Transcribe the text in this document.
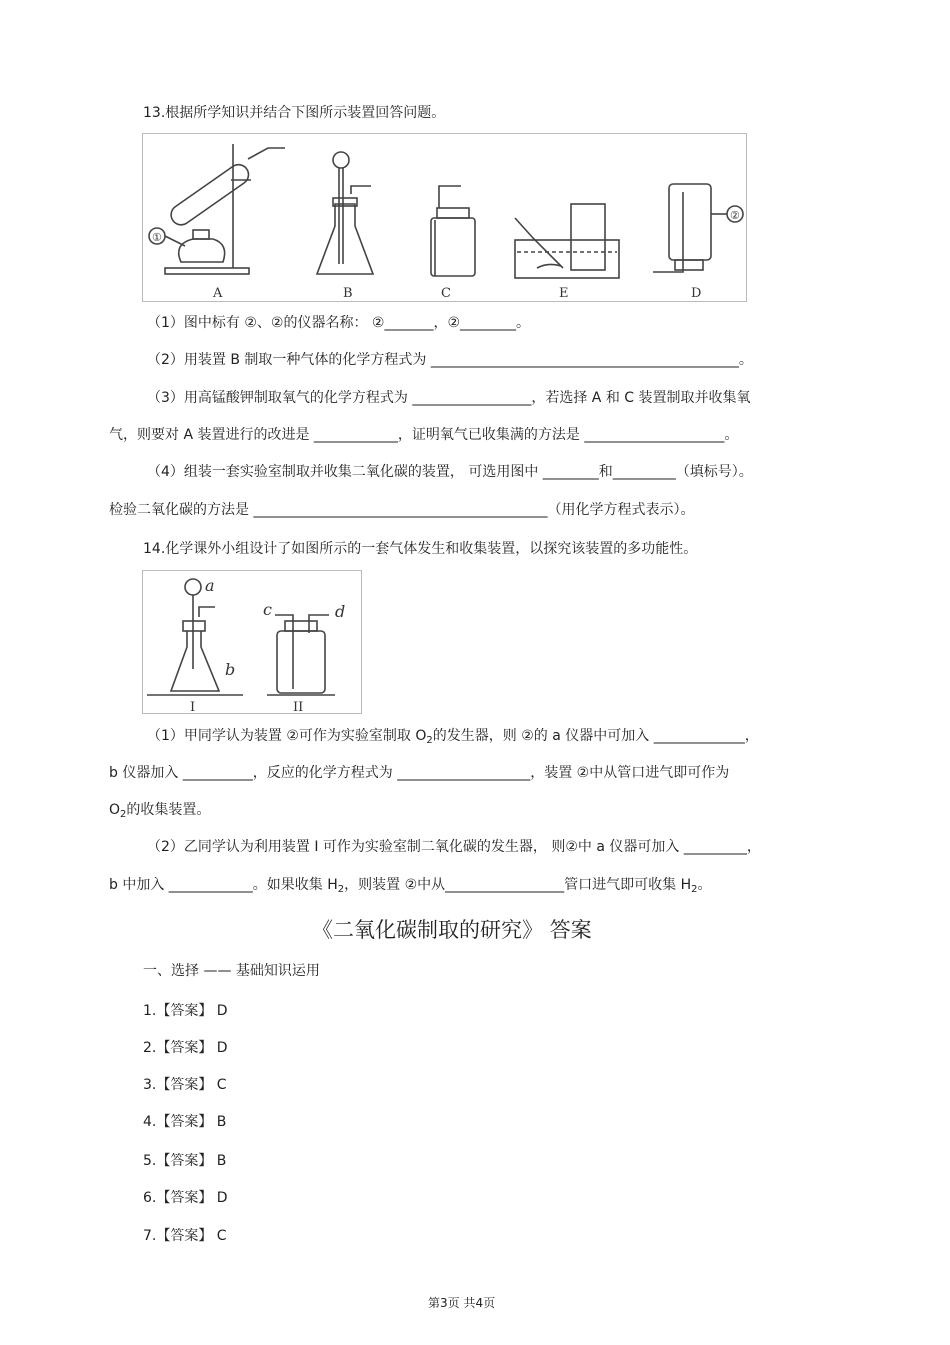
13.根据所学知识并结合下图所示装置回答问题。
①
②
A	B	C	E	D
（1）图中标有 ②、②的仪器名称： ②_______，②________。
（2）用装置 B 制取一种气体的化学方程式为 ____________________________________________。
（3）用高锰酸钾制取氧气的化学方程式为 _________________，若选择 A 和 C 装置制取并收集氧
气，则要对 A 装置进行的改进是 ____________，证明氧气已收集满的方法是 ____________________。
（4）组装一套实验室制取并收集二氧化碳的装置， 可选用图中 ________和_________（填标号）。
检验二氧化碳的方法是 __________________________________________（用化学方程式表示）。
14.化学课外小组设计了如图所示的一套气体发生和收集装置，以探究该装置的多功能性。
a
b
c	d
I	II
（1）甲同学认为装置 ②可作为实验室制取 $O_2$的发生器，则 ②的 a 仪器中可加入 _____________，
b 仪器加入 __________，反应的化学方程式为 ___________________，装置 ②中从管口进气即可作为
$O_2$的收集装置。
（2）乙同学认为利用装置 I 可作为实验室制二氧化碳的发生器， 则②中 a 仪器可加入 _________，
b 中加入 ____________。如果收集 $H_2$，则装置 ②中从_________________管口进气即可收集 $H_2$。
《二氧化碳制取的研究》 答案
一、选择 —— 基础知识运用
1.【答案】 D
2.【答案】 D
3.【答案】 C
4.【答案】 B
5.【答案】 B
6.【答案】 D
7.【答案】 C
第3页 共4页
